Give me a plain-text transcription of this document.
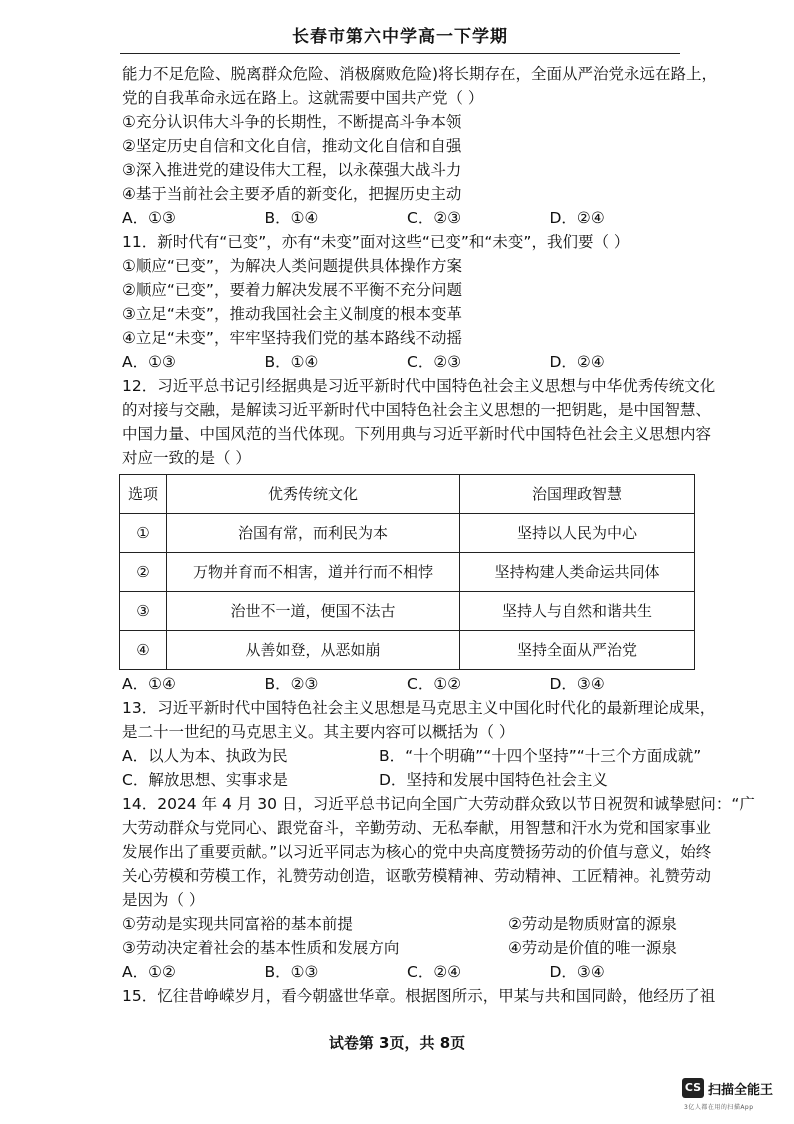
长春市第六中学高一下学期
能力不足危险、脱离群众危险、消极腐败危险)将长期存在，全面从严治党永远在路上，
党的自我革命永远在路上。这就需要中国共产党（ ）
①充分认识伟大斗争的长期性，不断提高斗争本领
②坚定历史自信和文化自信，推动文化自信和自强
③深入推进党的建设伟大工程，以永葆强大战斗力
④基于当前社会主要矛盾的新变化，把握历史主动
A．①③	B．①④	C．②③	D．②④
11．新时代有“已变”，亦有“未变”面对这些“已变”和“未变”，我们要（ ）
①顺应“已变”，为解决人类问题提供具体操作方案
②顺应“已变”，要着力解决发展不平衡不充分问题
③立足“未变”，推动我国社会主义制度的根本变革
④立足“未变”，牢牢坚持我们党的基本路线不动摇
A．①③	B．①④	C．②③	D．②④
12．习近平总书记引经据典是习近平新时代中国特色社会主义思想与中华优秀传统文化
的对接与交融，是解读习近平新时代中国特色社会主义思想的一把钥匙，是中国智慧、
中国力量、中国风范的当代体现。下列用典与习近平新时代中国特色社会主义思想内容
对应一致的是（ ）
选项	优秀传统文化	治国理政智慧
①	治国有常，而利民为本	坚持以人民为中心
②	万物并育而不相害，道并行而不相悖	坚持构建人类命运共同体
③	治世不一道，便国不法古	坚持人与自然和谐共生
④	从善如登，从恶如崩	坚持全面从严治党
A．①④	B．②③	C．①②	D．③④
13．习近平新时代中国特色社会主义思想是马克思主义中国化时代化的最新理论成果，
是二十一世纪的马克思主义。其主要内容可以概括为（ ）
A．以人为本、执政为民	B．“十个明确”“十四个坚持”“十三个方面成就”
C．解放思想、实事求是	D．坚持和发展中国特色社会主义
14．2024 年 4 月 30 日，习近平总书记向全国广大劳动群众致以节日祝贺和诚挚慰问：“广
大劳动群众与党同心、跟党奋斗，辛勤劳动、无私奉献，用智慧和汗水为党和国家事业
发展作出了重要贡献。”以习近平同志为核心的党中央高度赞扬劳动的价值与意义，始终
关心劳模和劳模工作，礼赞劳动创造，讴歌劳模精神、劳动精神、工匠精神。礼赞劳动
是因为（ ）
①劳动是实现共同富裕的基本前提	②劳动是物质财富的源泉
③劳动决定着社会的基本性质和发展方向	④劳动是价值的唯一源泉
A．①②	B．①③	C．②④	D．③④
15．忆往昔峥嵘岁月，看今朝盛世华章。根据图所示，甲某与共和国同龄，他经历了祖
试卷第 3页，共 8页
CS 扫描全能王
3亿人都在用的扫描App
